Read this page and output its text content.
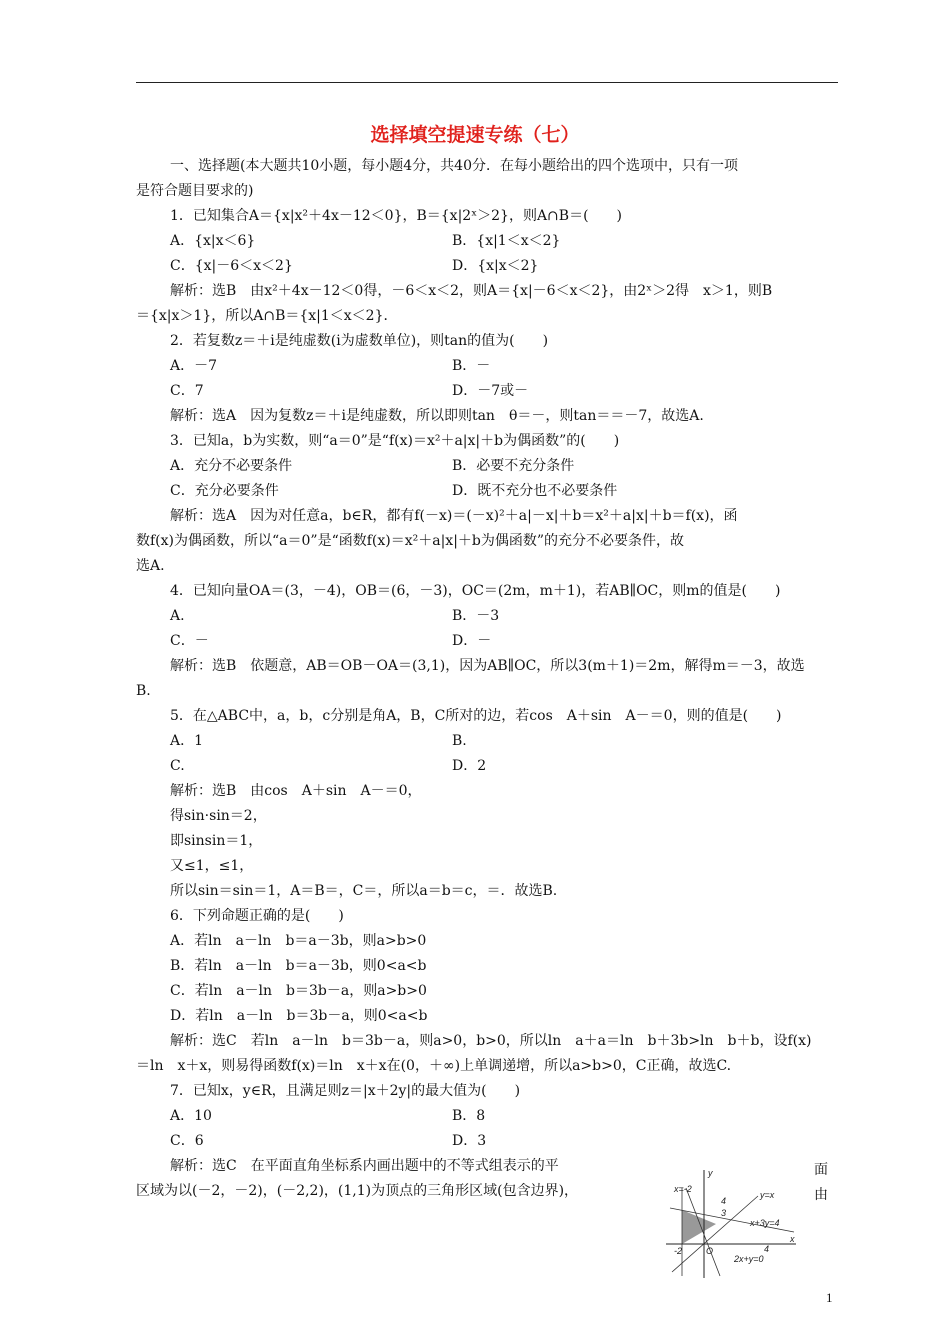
选择填空提速专练（七）
一、选择题(本大题共10小题，每小题4分，共40分．在每小题给出的四个选项中，只有一项
是符合题目要求的)
1．已知集合A＝{x|x²＋4x－12＜0}，B＝{x|2ˣ＞2}，则A∩B＝(　　)
A．{x|x＜6}	B．{x|1＜x＜2}
C．{x|－6＜x＜2}	D．{x|x＜2}
解析：选B　由x²＋4x－12＜0得，－6＜x＜2，则A＝{x|－6＜x＜2}，由2ˣ＞2得　x＞1，则B
＝{x|x＞1}，所以A∩B＝{x|1＜x＜2}．
2．若复数z＝＋i是纯虚数(i为虚数单位)，则tan的值为(　　)
A．－7	B．－
C．7	D．－7或－
解析：选A　因为复数z＝＋i是纯虚数，所以即则tan　θ＝－，则tan＝＝－7，故选A.
3．已知a，b为实数，则“a＝0”是“f(x)＝x²＋a|x|＋b为偶函数”的(　　)
A．充分不必要条件	B．必要不充分条件
C．充分必要条件	D．既不充分也不必要条件
解析：选A　因为对任意a，b∈R，都有f(－x)＝(－x)²＋a|－x|＋b＝x²＋a|x|＋b＝f(x)，函
数f(x)为偶函数，所以“a＝0”是“函数f(x)＝x²＋a|x|＋b为偶函数”的充分不必要条件，故
选A.
4．已知向量OA＝(3，－4)，OB＝(6，－3)，OC＝(2m，m＋1)，若AB∥OC，则m的值是(　　)
A.	B．－3
C．－	D．－
解析：选B　依题意，AB＝OB－OA＝(3,1)，因为AB∥OC，所以3(m＋1)＝2m，解得m＝－3，故选
B.
5．在△ABC中，a，b，c分别是角A，B，C所对的边，若cos　A＋sin　A－＝0，则的值是(　　)
A．1	B.
C.	D．2
解析：选B　由cos　A＋sin　A－＝0，
得sin·sin＝2，
即sinsin＝1，
又≤1，≤1，
所以sin＝sin＝1，A＝B＝，C＝，所以a＝b＝c，＝．故选B.
6．下列命题正确的是(　　)
A．若ln　a－ln　b＝a－3b，则a>b>0
B．若ln　a－ln　b＝a－3b，则0<a<b
C．若ln　a－ln　b＝3b－a，则a>b>0
D．若ln　a－ln　b＝3b－a，则0<a<b
解析：选C　若ln　a－ln　b＝3b－a，则a>0，b>0，所以ln　a＋a＝ln　b＋3b>ln　b＋b，设f(x)
＝ln　x＋x，则易得函数f(x)＝ln　x＋x在(0，＋∞)上单调递增，所以a>b>0，C正确，故选C.
7．已知x，y∈R，且满足则z＝|x＋2y|的最大值为(　　)
A．10	B．8
C．6	D．3
解析：选C　在平面直角坐标系内画出题中的不等式组表示的平
区域为以(－2，－2)，(－2,2)，(1,1)为顶点的三角形区域(包含边界)，
面
由
y
x
O
x=-2
y=x
x+3y=4
2x+y=0
4
3
4
-2
1
